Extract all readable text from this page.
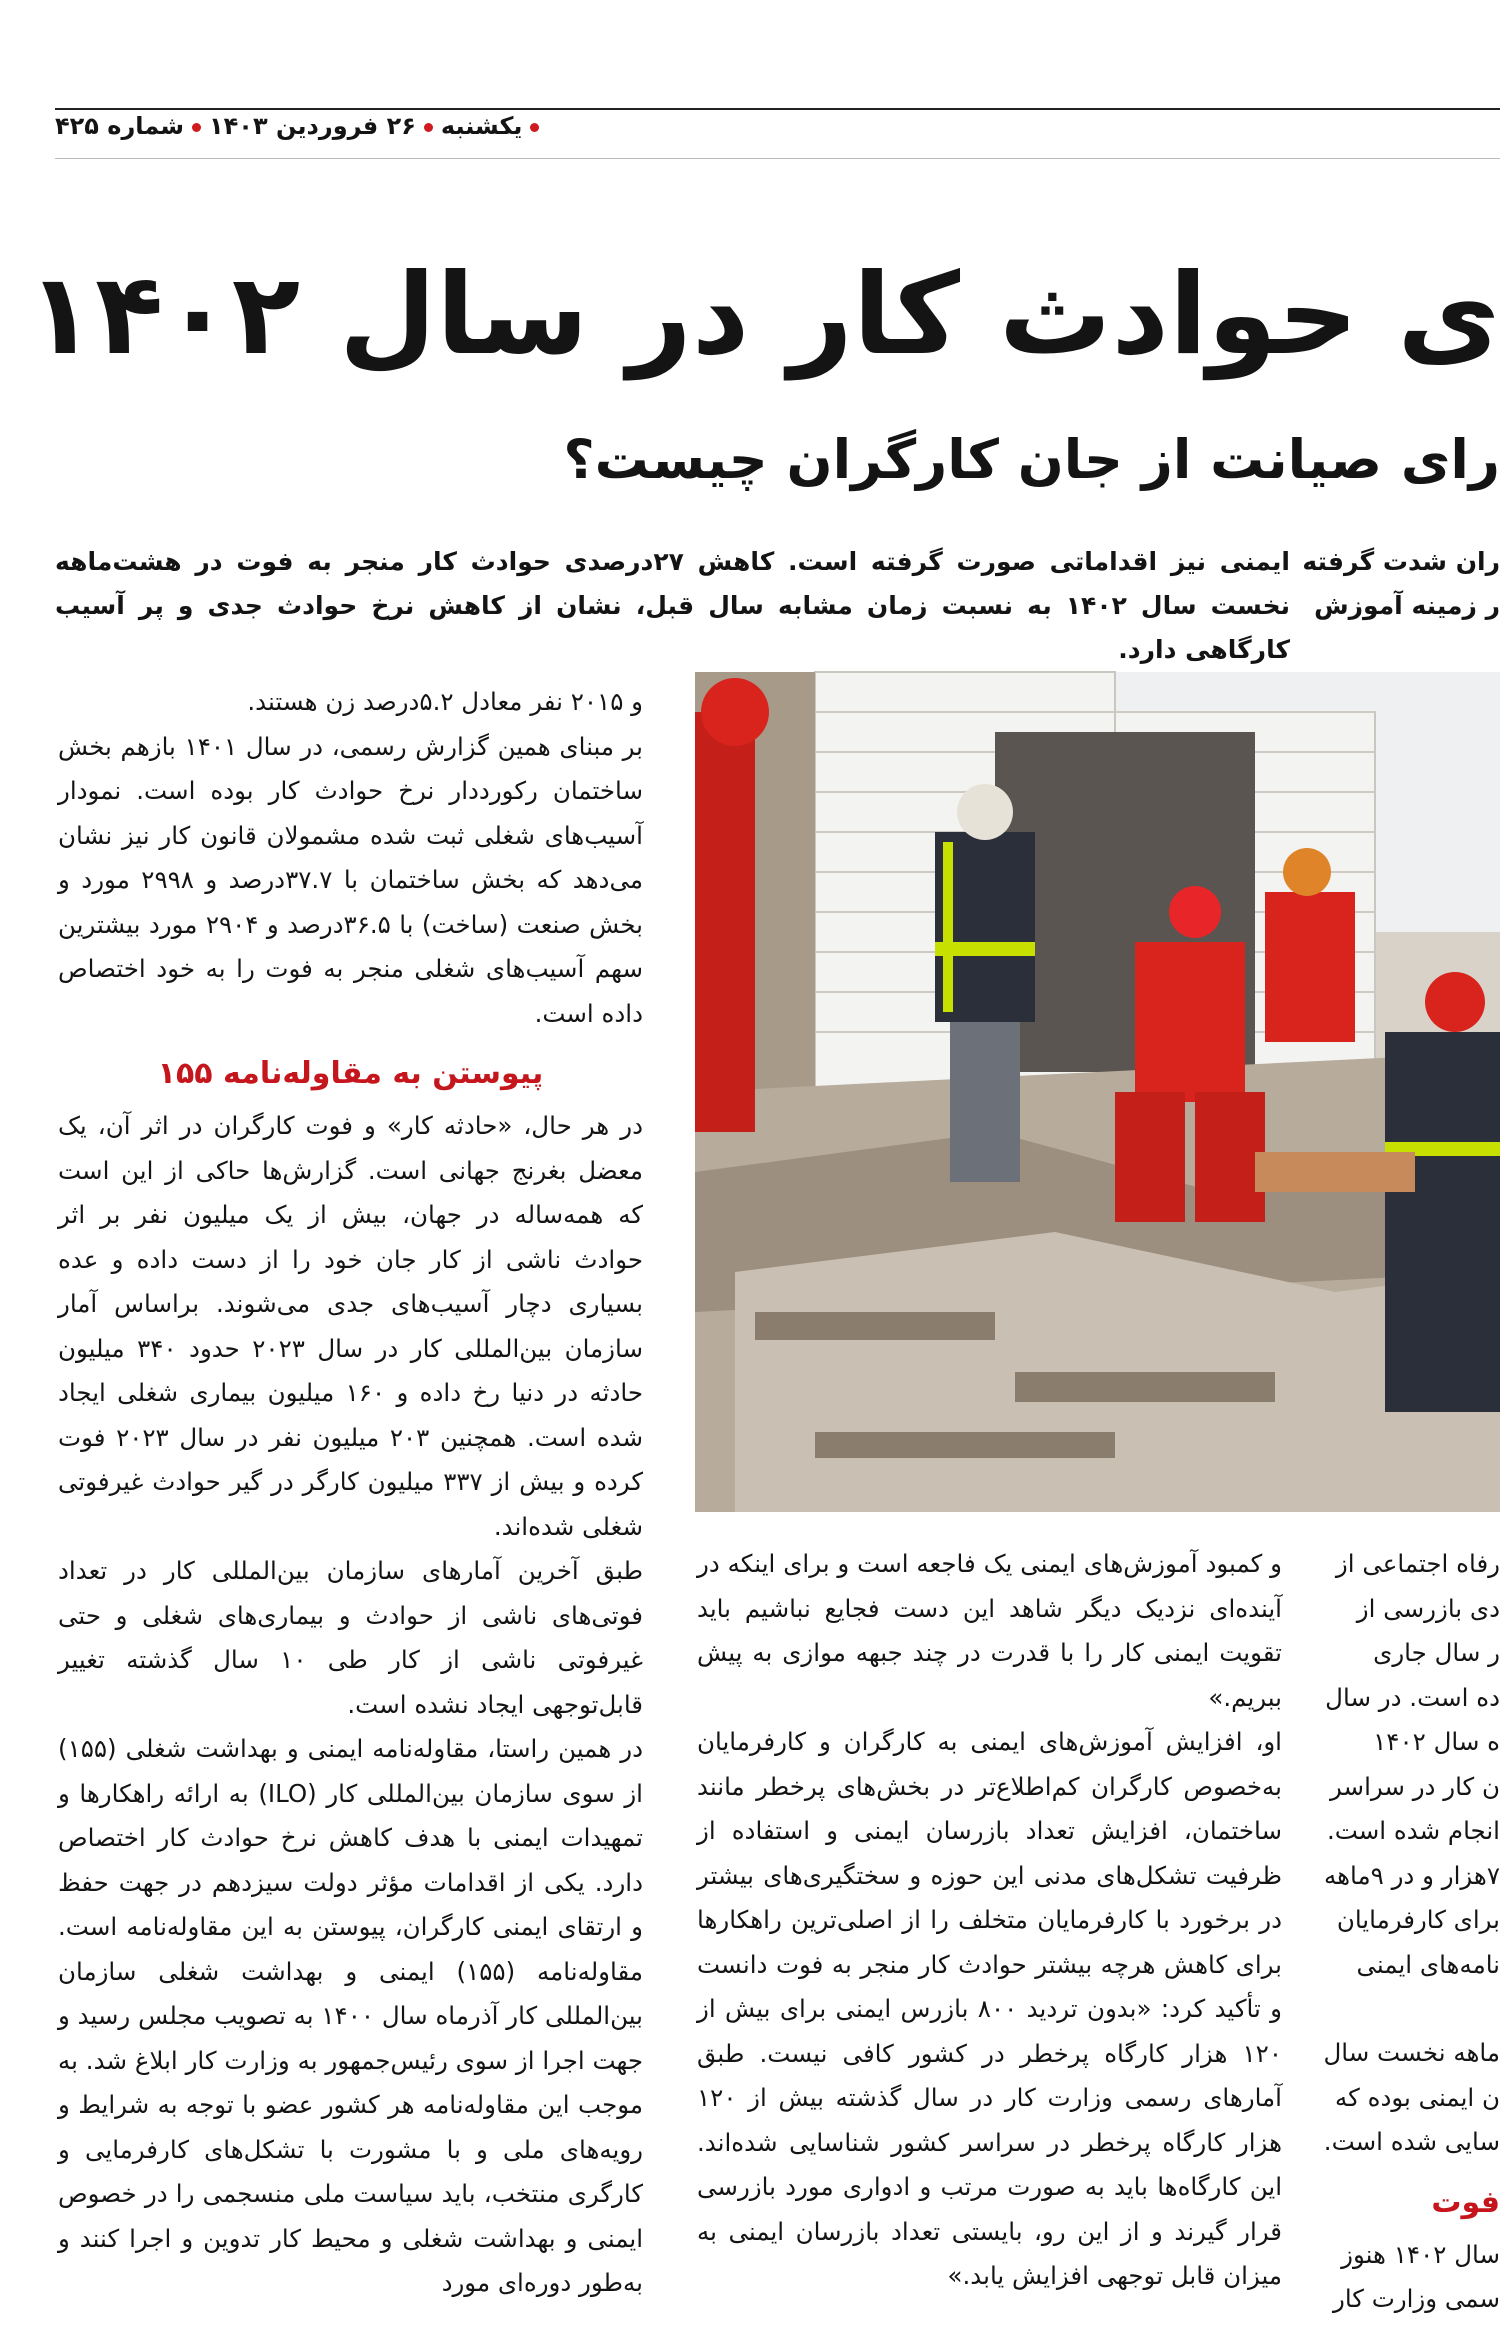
یکشنبه۲۶ فروردین ۱۴۰۳شماره ۴۲۵
ی حوادث کار در سال ۱۴۰۲
رای صیانت از جان کارگران چیست؟
ایمنی نیز اقداماتی صورت گرفته است. کاهش ۲۷درصدی حوادث کار منجر به فوت در هشت‌ماهه نخست سال ۱۴۰۲ به نسبت زمان مشابه سال قبل، نشان از کاهش نرخ حوادث جدی و پر آسیب کارگاهی دارد.
ران شدت گرفته
ر زمینه آموزش

و ۲۰۱۵ نفر معادل ۵.۲درصد زن هستند.

بر مبنای همین گزارش رسمی، در سال ۱۴۰۱ بازهم بخش ساختمان رکورددار نرخ حوادث کار بوده است. نمودار آسیب‌های شغلی ثبت شده مشمولان قانون کار نیز نشان می‌دهد که بخش ساختمان با ۳۷.۷درصد و ۲۹۹۸ مورد و بخش صنعت (ساخت) با ۳۶.۵درصد و ۲۹۰۴ مورد بیشترین سهم آسیب‌های شغلی منجر به فوت را به خود اختصاص داده است.

پیوستن به مقاوله‌نامه ۱۵۵

در هر حال، «حادثه کار» و فوت کارگران در اثر آن، یک معضل بغرنج جهانی است. گزارش‌ها حاکی از این است که همه‌ساله در جهان، بیش از یک میلیون نفر بر اثر حوادث ناشی از کار جان خود را از دست داده و عده بسیاری دچار آسیب‌های جدی می‌شوند. براساس آمار سازمان بین‌المللی کار در سال ۲۰۲۳ حدود ۳۴۰ میلیون حادثه در دنیا رخ داده و ۱۶۰ میلیون بیماری شغلی ایجاد شده است. همچنین ۲۰۳ میلیون نفر در سال ۲۰۲۳ فوت کرده و بیش از ۳۳۷ میلیون کارگر در گیر حوادث غیرفوتی شغلی شده‌اند.

طبق آخرین آمارهای سازمان بین‌المللی کار در تعداد فوتی‌های ناشی از حوادث و بیماری‌های شغلی و حتی غیرفوتی ناشی از کار طی ۱۰ سال گذشته تغییر قابل‌توجهی ایجاد نشده است.

در همین راستا، مقاوله‌نامه ایمنی و بهداشت شغلی (۱۵۵) از سوی سازمان بین‌المللی کار (ILO) به ارائه راهکارها و تمهیدات ایمنی با هدف کاهش نرخ حوادث کار اختصاص دارد. یکی از اقدامات مؤثر دولت سیزدهم در جهت حفظ و ارتقای ایمنی کارگران، پیوستن به این مقاوله‌نامه است. مقاوله‌نامه (۱۵۵) ایمنی و بهداشت شغلی سازمان بین‌المللی کار آذرماه سال ۱۴۰۰ به تصویب مجلس رسید و جهت اجرا از سوی رئیس‌جمهور به وزارت کار ابلاغ شد. به موجب این مقاوله‌نامه هر کشور عضو با توجه به شرایط و رویه‌های ملی و با مشورت با تشکل‌های کارفرمایی و کارگری منتخب، باید سیاست ملی منسجمی را در خصوص ایمنی و بهداشت شغلی و محیط کار تدوین و اجرا کنند و به‌طور دوره‌ای مورد

و کمبود آموزش‌های ایمنی یک فاجعه است و برای اینکه در آینده‌ای نزدیک دیگر شاهد این دست فجایع نباشیم باید تقویت ایمنی کار را با قدرت در چند جبهه موازی به پیش ببریم.»

او، افزایش آموزش‌های ایمنی به کارگران و کارفرمایان به‌خصوص کارگران کم‌اطلاع‌تر در بخش‌های پرخطر مانند ساختمان، افزایش تعداد بازرسان ایمنی و استفاده از ظرفیت تشکل‌های مدنی این حوزه و سختگیری‌های بیشتر در برخورد با کارفرمایان متخلف را از اصلی‌ترین راهکارها برای کاهش هرچه بیشتر حوادث کار منجر به فوت دانست و تأکید کرد: «بدون تردید ۸۰۰ بازرس ایمنی برای بیش از ۱۲۰ هزار کارگاه پرخطر در کشور کافی نیست. طبق آمارهای رسمی وزارت کار در سال گذشته بیش از ۱۲۰ هزار کارگاه پرخطر در سراسر کشور شناسایی شده‌اند. این کارگاه‌ها باید به صورت مرتب و ادواری مورد بازرسی قرار گیرند و از این رو، بایستی تعداد بازرسان ایمنی به میزان قابل توجهی افزایش یابد.»

رفاه اجتماعی از

دی بازرسی از

ر سال جاری

ده است. در سال

ه سال ۱۴۰۲

ن کار در سراسر

انجام شده است.

۷هزار و در ۹ماهه

برای کارفرمایان

نامه‌های ایمنی

ماهه نخست سال

ن ایمنی بوده که

سایی شده است.

فوت

سال ۱۴۰۲ هنوز

سمی وزارت کار
